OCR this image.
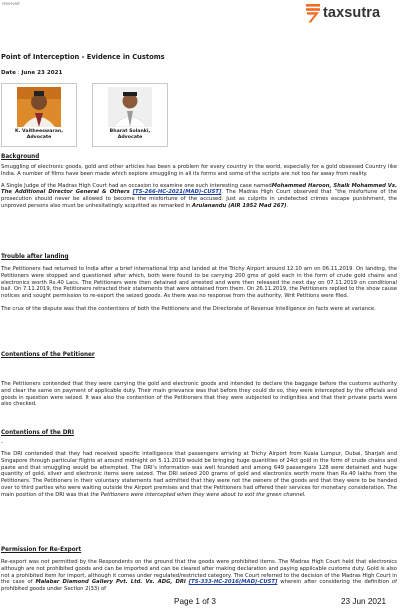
reserved
taxsutra
Point of Interception - Evidence in Customs
Date : June 23 2021
K. Vaitheeswaran,
Advocate
Bharat Solanki,
Advocate
Background

Smuggling of electronic goods, gold and other articles has been a problem for every country in the world, especially for a gold obsessed Country like India. A number of films have been made which explore smuggling in all its forms and some of the scripts are not too far away from reality.

A Single Judge of the Madras High Court had an occasion to examine one such interesting case namedMohammed Haroon, Shaik Mohammed Vs. The Additional Director General & Others [TS-266-HC-2021(MAD)-CUST]. The Madras High Court observed that “the misfortune of the prosecution should never be allowed to become the misfortune of the accused. Just as culprits in undetected crimes escape punishment, the unproved persons also must be unhesitatingly acquitted as remarked in Arulanandu (AIR 1952 Mad 267).

Trouble after landing

The Petitioners had returned to India after a brief international trip and landed at the Trichy Airport around 12.10 am on 06.11.2019. On landing, the Petitioners were stopped and questioned after which, both were found to be carrying 200 gms of gold each in the form of crude gold chains and electronics worth Rs.40 Lacs. The Petitioners were then detained and arrested and were then released the next day on 07.11.2019 on conditional bail. On 7.11.2019, the Petitioners retracted their statements that were obtained from them. On 26.11.2019, the Petitioners replied to the show cause notices and sought permission to re-export the seized goods. As there was no response from the authority, Writ Petitions were filed.

The crux of the dispute was that the contentions of both the Petitioners and the Directorate of Revenue Intelligence on facts were at variance.

Contentions of the Petitioner

The Petitioners contended that they were carrying the gold and electronic goods and intended to declare the baggage before the customs authority and clear the same on payment of applicable duty. Their main grievance was that before they could do so, they were intercepted by the officials and goods in question were seized. It was also the contention of the Petitioners that they were subjected to indignities and that their private parts were also checked.

Contentions of the DRI
-

The DRI contended that they had received specific intelligence that passengers arriving at Trichy Airport from Kuala Lumpur, Dubai, Sharjah and Singapore through particular flights at around midnight on 5.11.2019 would be bringing huge quantities of 24ct gold in the form of crude chains and paste and that smuggling would be attempted. The DRI’s information was well founded and among 649 passengers 128 were detained and huge quantity of gold, silver and electronic items were seized. The DRI seized 200 grams of gold and electronics worth more than Rs.40 lakhs from the Petitioners. The Petitioners in their voluntary statements had admitted that they were not the owners of the goods and that they were to be handed over to third parties who were waiting outside the Airport premises and that the Petitioners had offered their services for monetary consideration. The main position of the DRI was that the Petitioners were intercepted when they were about to exit the green channel.

Permission for Re-Export

Re-export was not permitted by the Respondents on the ground that the goods were prohibited items. The Madras High Court held that electronics although are not prohibited goods and can be imported and can be cleared after making declaration and paying applicable customs duty. Gold is also not a prohibited item for import, although it comes under regulated/restricted category. The Court referred to the decision of the Madras High Court in the case of Malabar Diamond Gallery Pvt. Ltd. Vs. ADG, DRI [TS-333-HC-2016(MAD)-CUST] wherein after considering the definition of prohibited goods under Section 2(33) of

Page 1 of 3	23 Jun 2021
